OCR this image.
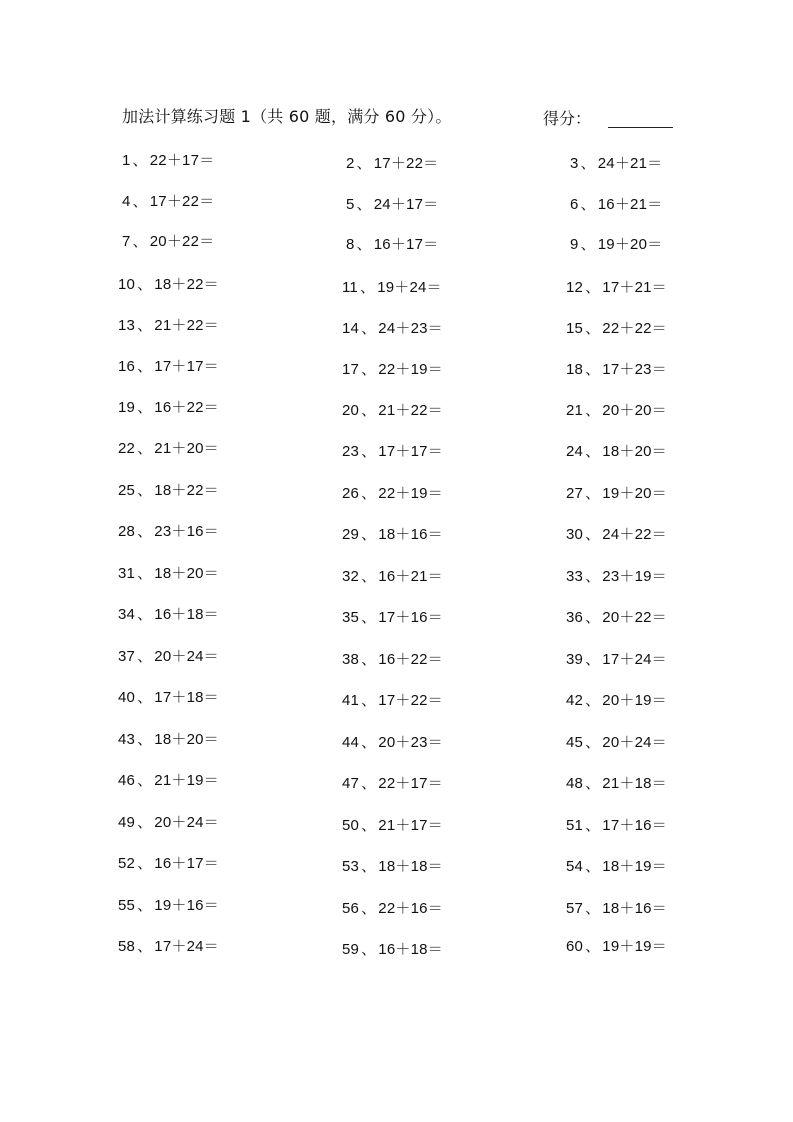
加法计算练习题 1（共 60 题，满分 60 分）。	得分：
1 、 22＋17＝	2 、 17＋22＝	3 、 24＋21＝
4 、 17＋22＝	5 、 24＋17＝	6 、 16＋21＝
7 、 20＋22＝	8 、 16＋17＝	9 、 19＋20＝
10 、 18＋22＝	11 、 19＋24＝	12 、 17＋21＝
13 、 21＋22＝	14 、 24＋23＝	15 、 22＋22＝
16 、 17＋17＝	17 、 22＋19＝	18 、 17＋23＝
19 、 16＋22＝	20 、 21＋22＝	21 、 20＋20＝
22 、 21＋20＝	23 、 17＋17＝	24 、 18＋20＝
25 、 18＋22＝	26 、 22＋19＝	27 、 19＋20＝
28 、 23＋16＝	29 、 18＋16＝	30 、 24＋22＝
31 、 18＋20＝	32 、 16＋21＝	33 、 23＋19＝
34 、 16＋18＝	35 、 17＋16＝	36 、 20＋22＝
37 、 20＋24＝	38 、 16＋22＝	39 、 17＋24＝
40 、 17＋18＝	41 、 17＋22＝	42 、 20＋19＝
43 、 18＋20＝	44 、 20＋23＝	45 、 20＋24＝
46 、 21＋19＝	47 、 22＋17＝	48 、 21＋18＝
49 、 20＋24＝	50 、 21＋17＝	51 、 17＋16＝
52 、 16＋17＝	53 、 18＋18＝	54 、 18＋19＝
55 、 19＋16＝	56 、 22＋16＝	57 、 18＋16＝
58 、 17＋24＝	59 、 16＋18＝	60 、 19＋19＝
